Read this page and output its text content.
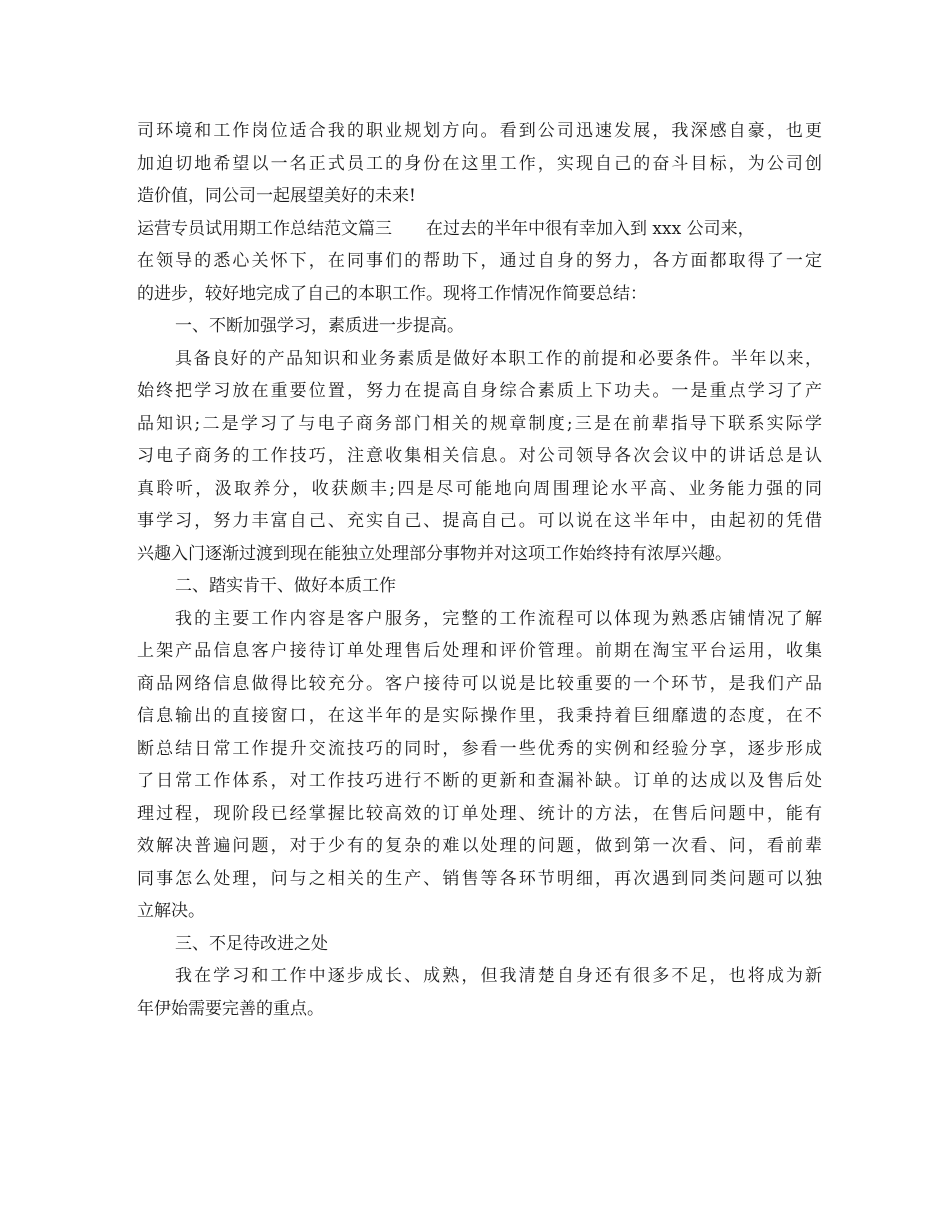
司环境和工作岗位适合我的职业规划方向。看到公司迅速发展，我深感自豪，也更
加迫切地希望以一名正式员工的身份在这里工作，实现自己的奋斗目标，为公司创
造价值，同公司一起展望美好的未来!
运营专员试用期工作总结范文篇三 在过去的半年中很有幸加入到 xxx 公司来，
在领导的悉心关怀下，在同事们的帮助下，通过自身的努力，各方面都取得了一定
的进步，较好地完成了自己的本职工作。现将工作情况作简要总结：
一、不断加强学习，素质进一步提高。
具备良好的产品知识和业务素质是做好本职工作的前提和必要条件。半年以来，
始终把学习放在重要位置，努力在提高自身综合素质上下功夫。一是重点学习了产
品知识;二是学习了与电子商务部门相关的规章制度;三是在前辈指导下联系实际学
习电子商务的工作技巧，注意收集相关信息。对公司领导各次会议中的讲话总是认
真聆听，汲取养分，收获颇丰;四是尽可能地向周围理论水平高、业务能力强的同
事学习，努力丰富自己、充实自己、提高自己。可以说在这半年中，由起初的凭借
兴趣入门逐渐过渡到现在能独立处理部分事物并对这项工作始终持有浓厚兴趣。
二、踏实肯干、做好本质工作
我的主要工作内容是客户服务，完整的工作流程可以体现为熟悉店铺情况了解
上架产品信息客户接待订单处理售后处理和评价管理。前期在淘宝平台运用，收集
商品网络信息做得比较充分。客户接待可以说是比较重要的一个环节，是我们产品
信息输出的直接窗口，在这半年的是实际操作里，我秉持着巨细靡遗的态度，在不
断总结日常工作提升交流技巧的同时，参看一些优秀的实例和经验分享，逐步形成
了日常工作体系，对工作技巧进行不断的更新和查漏补缺。订单的达成以及售后处
理过程，现阶段已经掌握比较高效的订单处理、统计的方法，在售后问题中，能有
效解决普遍问题，对于少有的复杂的难以处理的问题，做到第一次看、问，看前辈
同事怎么处理，问与之相关的生产、销售等各环节明细，再次遇到同类问题可以独
立解决。
三、不足待改进之处
我在学习和工作中逐步成长、成熟，但我清楚自身还有很多不足，也将成为新
年伊始需要完善的重点。
